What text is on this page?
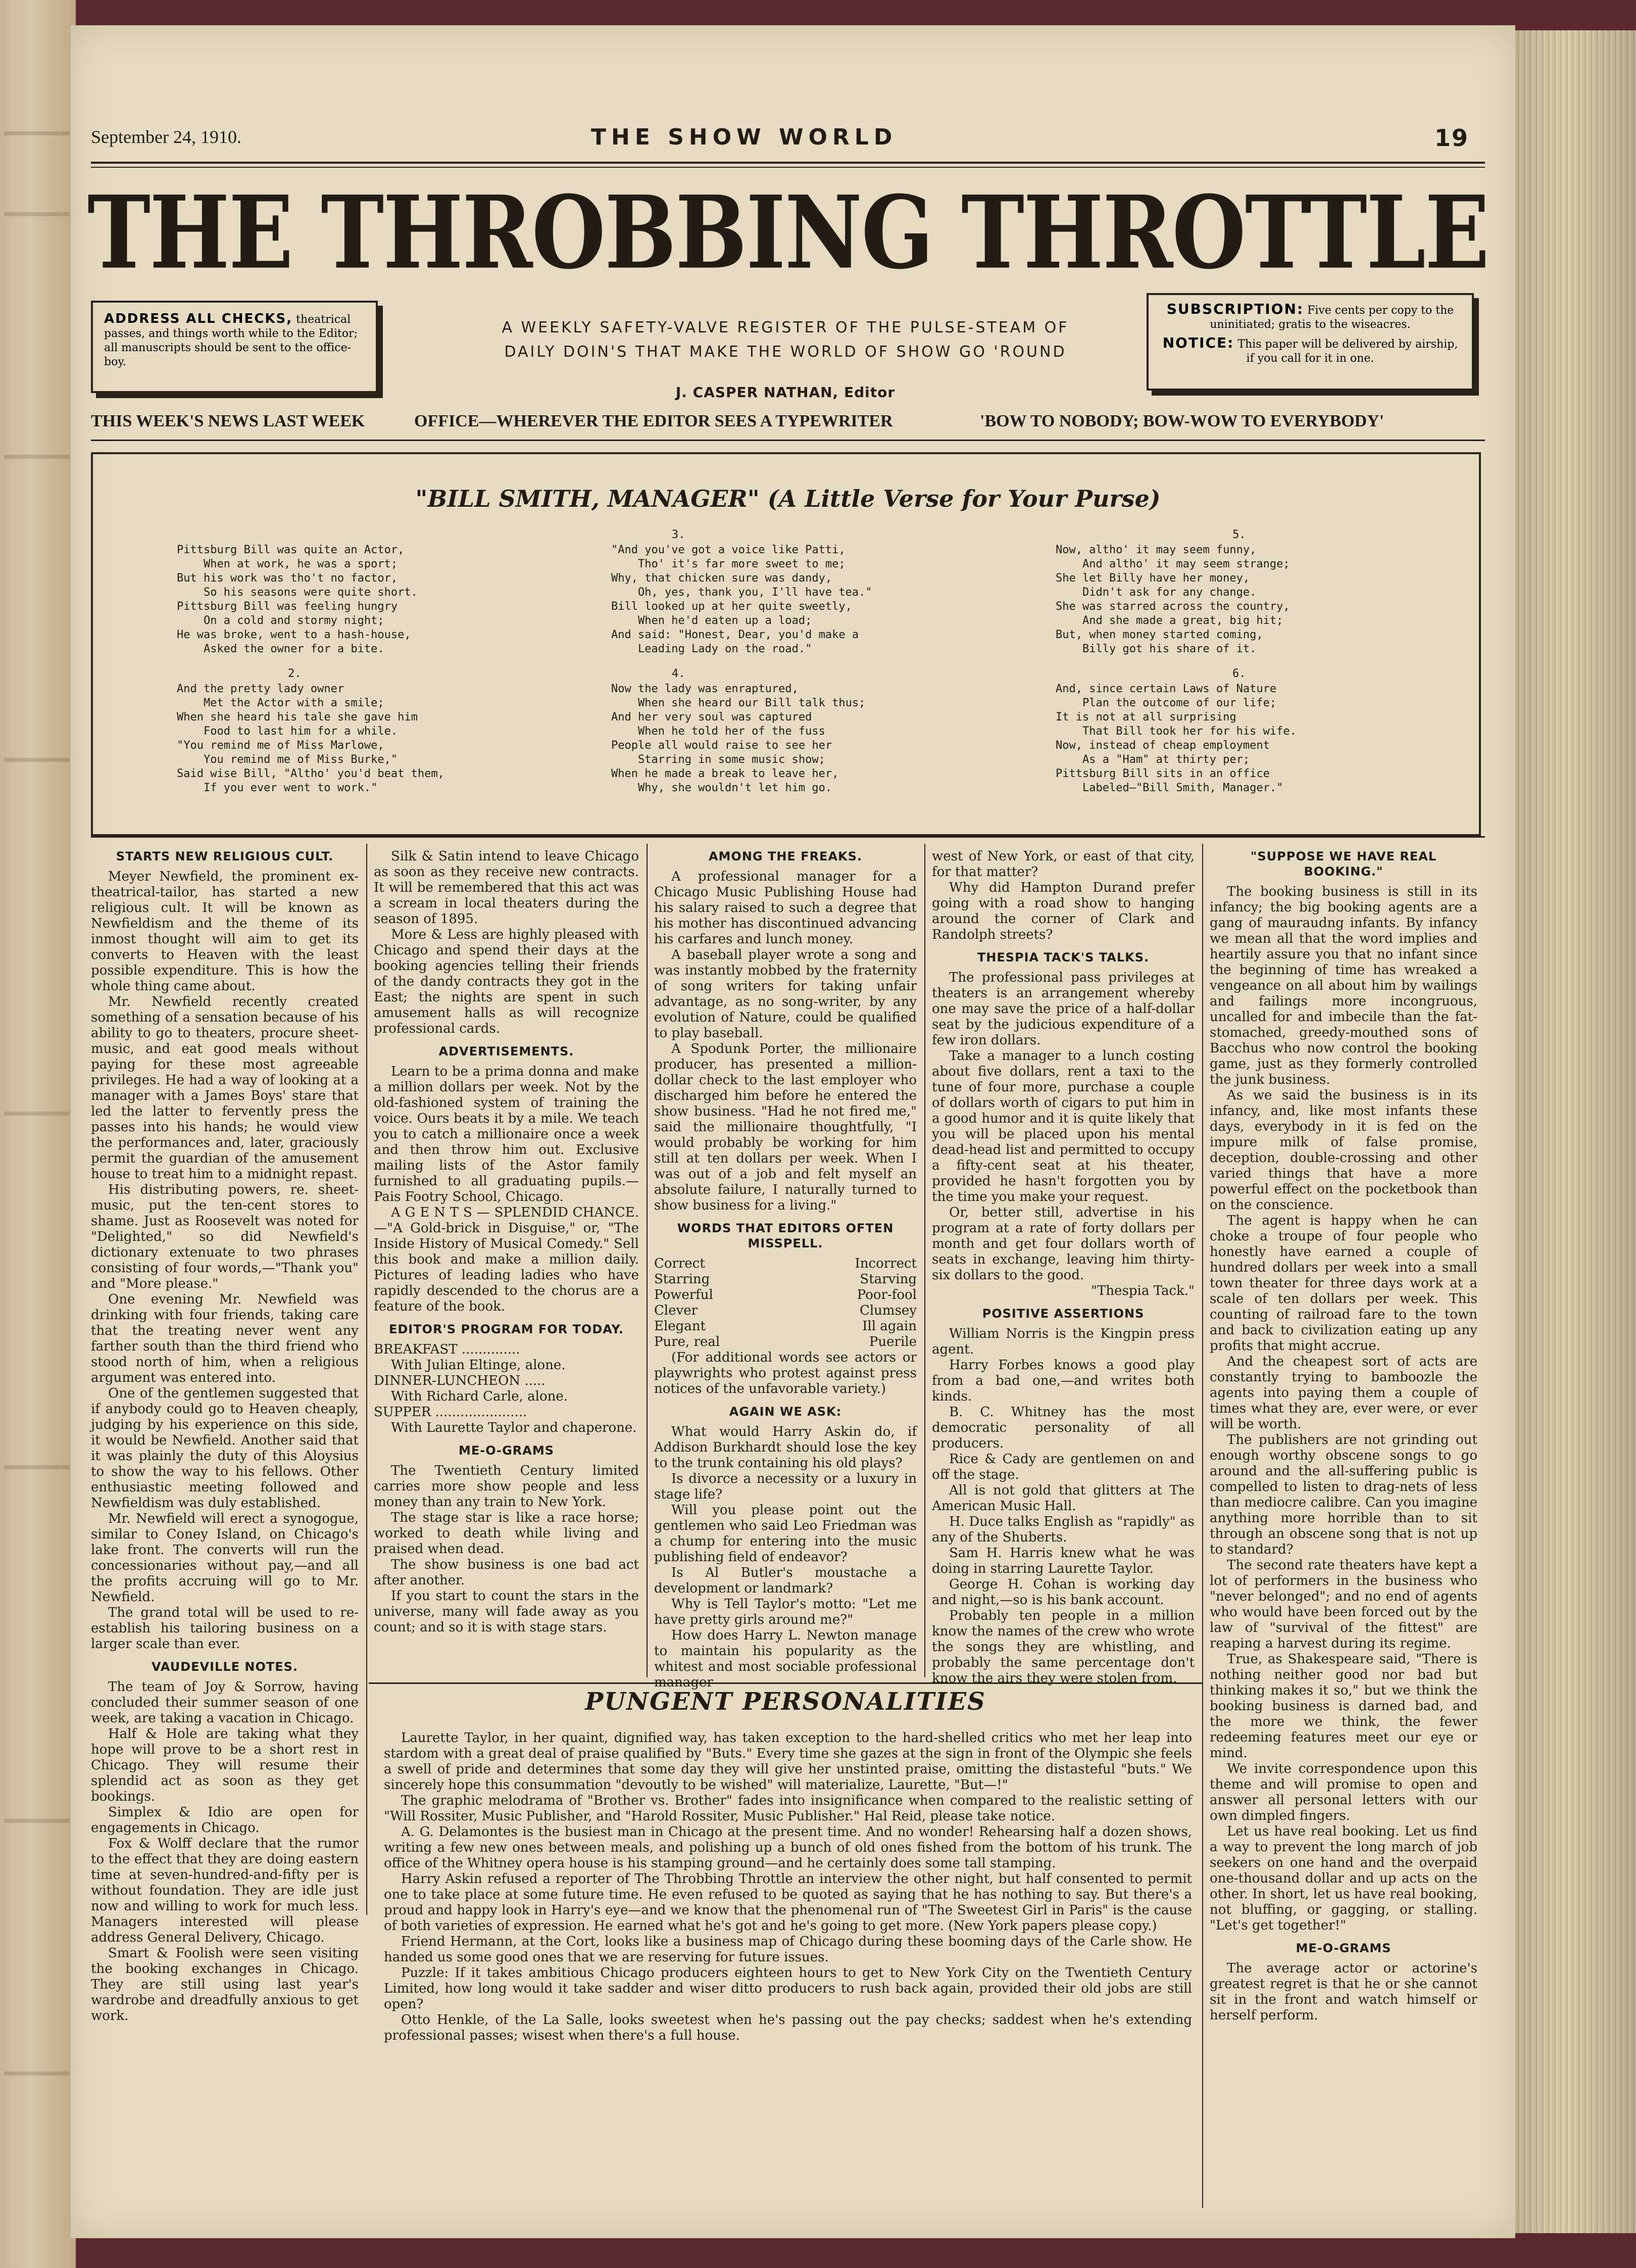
September 24, 1910.	THE SHOW WORLD	19
THE THROBBING THROTTLE
ADDRESS ALL CHECKS, theatrical passes, and things worth while to the Editor; all manuscripts should be sent to the office-boy.
A WEEKLY SAFETY-VALVE REGISTER OF THE PULSE-STEAM OF
DAILY DOIN'S THAT MAKE THE WORLD OF SHOW GO 'ROUND
J. CASPER NATHAN, Editor
SUBSCRIPTION: Five cents per copy to the uninitiated; gratis to the wiseacres.
NOTICE: This paper will be delivered by airship, if you call for it in one.
THIS WEEK'S NEWS LAST WEEK	OFFICE—WHEREVER THE EDITOR SEES A TYPEWRITER	'BOW TO NOBODY; BOW-WOW TO EVERYBODY'
"BILL SMITH, MANAGER" (A Little Verse for Your Purse)
Pittsburg Bill was quite an Actor,
When at work, he was a sport;
But his work was tho't no factor,
So his seasons were quite short.
Pittsburg Bill was feeling hungry
On a cold and stormy night;
He was broke, went to a hash-house,
Asked the owner for a bite.
2.
And the pretty lady owner
Met the Actor with a smile;
When she heard his tale she gave him
Food to last him for a while.
"You remind me of Miss Marlowe,
You remind me of Miss Burke,"
Said wise Bill, "Altho' you'd beat them,
If you ever went to work."
3.
"And you've got a voice like Patti,
Tho' it's far more sweet to me;
Why, that chicken sure was dandy,
Oh, yes, thank you, I'll have tea."
Bill looked up at her quite sweetly,
When he'd eaten up a load;
And said: "Honest, Dear, you'd make a
Leading Lady on the road."
4.
Now the lady was enraptured,
When she heard our Bill talk thus;
And her very soul was captured
When he told her of the fuss
People all would raise to see her
Starring in some music show;
When he made a break to leave her,
Why, she wouldn't let him go.
5.
Now, altho' it may seem funny,
And altho' it may seem strange;
She let Billy have her money,
Didn't ask for any change.
She was starred across the country,
And she made a great, big hit;
But, when money started coming,
Billy got his share of it.
6.
And, since certain Laws of Nature
Plan the outcome of our life;
It is not at all surprising
That Bill took her for his wife.
Now, instead of cheap employment
As a "Ham" at thirty per;
Pittsburg Bill sits in an office
Labeled—"Bill Smith, Manager."
STARTS NEW RELIGIOUS CULT.

Meyer Newfield, the prominent ex-theatrical-tailor, has started a new religious cult. It will be known as Newfieldism and the theme of its inmost thought will aim to get its converts to Heaven with the least possible expenditure. This is how the whole thing came about.

Mr. Newfield recently created something of a sensation because of his ability to go to theaters, procure sheet-music, and eat good meals without paying for these most agreeable privileges. He had a way of looking at a manager with a James Boys' stare that led the latter to fervently press the passes into his hands; he would view the performances and, later, graciously permit the guardian of the amusement house to treat him to a midnight repast.

His distributing powers, re. sheet-music, put the ten-cent stores to shame. Just as Roosevelt was noted for "Delighted," so did Newfield's dictionary extenuate to two phrases consisting of four words,—"Thank you" and "More please."

One evening Mr. Newfield was drinking with four friends, taking care that the treating never went any farther south than the third friend who stood north of him, when a religious argument was entered into.

One of the gentlemen suggested that if anybody could go to Heaven cheaply, judging by his experience on this side, it would be Newfield. Another said that it was plainly the duty of this Aloysius to show the way to his fellows. Other enthusiastic meeting followed and Newfieldism was duly established.

Mr. Newfield will erect a synogogue, similar to Coney Island, on Chicago's lake front. The converts will run the concessionaries without pay,—and all the profits accruing will go to Mr. Newfield.

The grand total will be used to re-establish his tailoring business on a larger scale than ever.

VAUDEVILLE NOTES.

The team of Joy & Sorrow, having concluded their summer season of one week, are taking a vacation in Chicago.

Half & Hole are taking what they hope will prove to be a short rest in Chicago. They will resume their splendid act as soon as they get bookings.

Simplex & Idio are open for engagements in Chicago.

Fox & Wolff declare that the rumor to the effect that they are doing eastern time at seven-hundred-and-fifty per is without foundation. They are idle just now and willing to work for much less. Managers interested will please address General Delivery, Chicago.

Smart & Foolish were seen visiting the booking exchanges in Chicago. They are still using last year's wardrobe and dreadfully anxious to get work.

Silk & Satin intend to leave Chicago as soon as they receive new contracts. It will be remembered that this act was a scream in local theaters during the season of 1895.

More & Less are highly pleased with Chicago and spend their days at the booking agencies telling their friends of the dandy contracts they got in the East; the nights are spent in such amusement halls as will recognize professional cards.

ADVERTISEMENTS.

Learn to be a prima donna and make a million dollars per week. Not by the old-fashioned system of training the voice. Ours beats it by a mile. We teach you to catch a millionaire once a week and then throw him out. Exclusive mailing lists of the Astor family furnished to all graduating pupils.— Pais Footry School, Chicago.

A G E N T S — SPLENDID CHANCE.—"A Gold-brick in Disguise," or, "The Inside History of Musical Comedy." Sell this book and make a million daily. Pictures of leading ladies who have rapidly descended to the chorus are a feature of the book.

EDITOR'S PROGRAM FOR TODAY.

BREAKFAST ..............

With Julian Eltinge, alone.

DINNER-LUNCHEON .....

With Richard Carle, alone.

SUPPER ......................

With Laurette Taylor and chaperone.

ME-O-GRAMS

The Twentieth Century limited carries more show people and less money than any train to New York.

The stage star is like a race horse; worked to death while living and praised when dead.

The show business is one bad act after another.

If you start to count the stars in the universe, many will fade away as you count; and so it is with stage stars.

AMONG THE FREAKS.

A professional manager for a Chicago Music Publishing House had his salary raised to such a degree that his mother has discontinued advancing his carfares and lunch money.

A baseball player wrote a song and was instantly mobbed by the fraternity of song writers for taking unfair advantage, as no song-writer, by any evolution of Nature, could be qualified to play baseball.

A Spodunk Porter, the millionaire producer, has presented a million-dollar check to the last employer who discharged him before he entered the show business. "Had he not fired me," said the millionaire thoughtfully, "I would probably be working for him still at ten dollars per week. When I was out of a job and felt myself an absolute failure, I naturally turned to show business for a living."

WORDS THAT EDITORS OFTEN MISSPELL.
Correct	Incorrect
Starring	Starving
Powerful	Poor-fool
Clever	Clumsey
Elegant	Ill again
Pure, real	Puerile

(For additional words see actors or playwrights who protest against press notices of the unfavorable variety.)

AGAIN WE ASK:

What would Harry Askin do, if Addison Burkhardt should lose the key to the trunk containing his old plays?

Is divorce a necessity or a luxury in stage life?

Will you please point out the gentlemen who said Leo Friedman was a chump for entering into the music publishing field of endeavor?

Is Al Butler's moustache a development or landmark?

Why is Tell Taylor's motto: "Let me have pretty girls around me?"

How does Harry L. Newton manage to maintain his popularity as the whitest and most sociable professional manager

west of New York, or east of that city, for that matter?

Why did Hampton Durand prefer going with a road show to hanging around the corner of Clark and Randolph streets?

THESPIA TACK'S TALKS.

The professional pass privileges at theaters is an arrangement whereby one may save the price of a half-dollar seat by the judicious expenditure of a few iron dollars.

Take a manager to a lunch costing about five dollars, rent a taxi to the tune of four more, purchase a couple of dollars worth of cigars to put him in a good humor and it is quite likely that you will be placed upon his mental dead-head list and permitted to occupy a fifty-cent seat at his theater, provided he hasn't forgotten you by the time you make your request.

Or, better still, advertise in his program at a rate of forty dollars per month and get four dollars worth of seats in exchange, leaving him thirty-six dollars to the good.

"Thespia Tack."

POSITIVE ASSERTIONS

William Norris is the Kingpin press agent.

Harry Forbes knows a good play from a bad one,—and writes both kinds.

B. C. Whitney has the most democratic personality of all producers.

Rice & Cady are gentlemen on and off the stage.

All is not gold that glitters at The American Music Hall.

H. Duce talks English as "rapidly" as any of the Shuberts.

Sam H. Harris knew what he was doing in starring Laurette Taylor.

George H. Cohan is working day and night,—so is his bank account.

Probably ten people in a million know the names of the crew who wrote the songs they are whistling, and probably the same percentage don't know the airs they were stolen from.

"SUPPOSE WE HAVE REAL BOOKING."

The booking business is still in its infancy; the big booking agents are a gang of mauraudng infants. By infancy we mean all that the word implies and heartily assure you that no infant since the beginning of time has wreaked a vengeance on all about him by wailings and failings more incongruous, uncalled for and imbecile than the fat-stomached, greedy-mouthed sons of Bacchus who now control the booking game, just as they formerly controlled the junk business.

As we said the business is in its infancy, and, like most infants these days, everybody in it is fed on the impure milk of false promise, deception, double-crossing and other varied things that have a more powerful effect on the pocketbook than on the conscience.

The agent is happy when he can choke a troupe of four people who honestly have earned a couple of hundred dollars per week into a small town theater for three days work at a scale of ten dollars per week. This counting of railroad fare to the town and back to civilization eating up any profits that might accrue.

And the cheapest sort of acts are constantly trying to bamboozle the agents into paying them a couple of times what they are, ever were, or ever will be worth.

The publishers are not grinding out enough worthy obscene songs to go around and the all-suffering public is compelled to listen to drag-nets of less than mediocre calibre. Can you imagine anything more horrible than to sit through an obscene song that is not up to standard?

The second rate theaters have kept a lot of performers in the business who "never belonged"; and no end of agents who would have been forced out by the law of "survival of the fittest" are reaping a harvest during its regime.

True, as Shakespeare said, "There is nothing neither good nor bad but thinking makes it so," but we think the booking business is darned bad, and the more we think, the fewer redeeming features meet our eye or mind.

We invite correspondence upon this theme and will promise to open and answer all personal letters with our own dimpled fingers.

Let us have real booking. Let us find a way to prevent the long march of job seekers on one hand and the overpaid one-thousand dollar and up acts on the other. In short, let us have real booking, not bluffing, or gagging, or stalling. "Let's get together!"

ME-O-GRAMS

The average actor or actorine's greatest regret is that he or she cannot sit in the front and watch himself or herself perform.

PUNGENT PERSONALITIES

Laurette Taylor, in her quaint, dignified way, has taken exception to the hard-shelled critics who met her leap into stardom with a great deal of praise qualified by "Buts." Every time she gazes at the sign in front of the Olympic she feels a swell of pride and determines that some day they will give her unstinted praise, omitting the distasteful "buts." We sincerely hope this consummation "devoutly to be wished" will materialize, Laurette, "But—!"

The graphic melodrama of "Brother vs. Brother" fades into insignificance when compared to the realistic setting of "Will Rossiter, Music Publisher, and "Harold Rossiter, Music Publisher." Hal Reid, please take notice.

A. G. Delamontes is the busiest man in Chicago at the present time. And no wonder! Rehearsing half a dozen shows, writing a few new ones between meals, and polishing up a bunch of old ones fished from the bottom of his trunk. The office of the Whitney opera house is his stamping ground—and he certainly does some tall stamping.

Harry Askin refused a reporter of The Throbbing Throttle an interview the other night, but half consented to permit one to take place at some future time. He even refused to be quoted as saying that he has nothing to say. But there's a proud and happy look in Harry's eye—and we know that the phenomenal run of "The Sweetest Girl in Paris" is the cause of both varieties of expression. He earned what he's got and he's going to get more. (New York papers please copy.)

Friend Hermann, at the Cort, looks like a business map of Chicago during these booming days of the Carle show. He handed us some good ones that we are reserving for future issues.

Puzzle: If it takes ambitious Chicago producers eighteen hours to get to New York City on the Twentieth Century Limited, how long would it take sadder and wiser ditto producers to rush back again, provided their old jobs are still open?

Otto Henkle, of the La Salle, looks sweetest when he's passing out the pay checks; saddest when he's extending professional passes; wisest when there's a full house.
